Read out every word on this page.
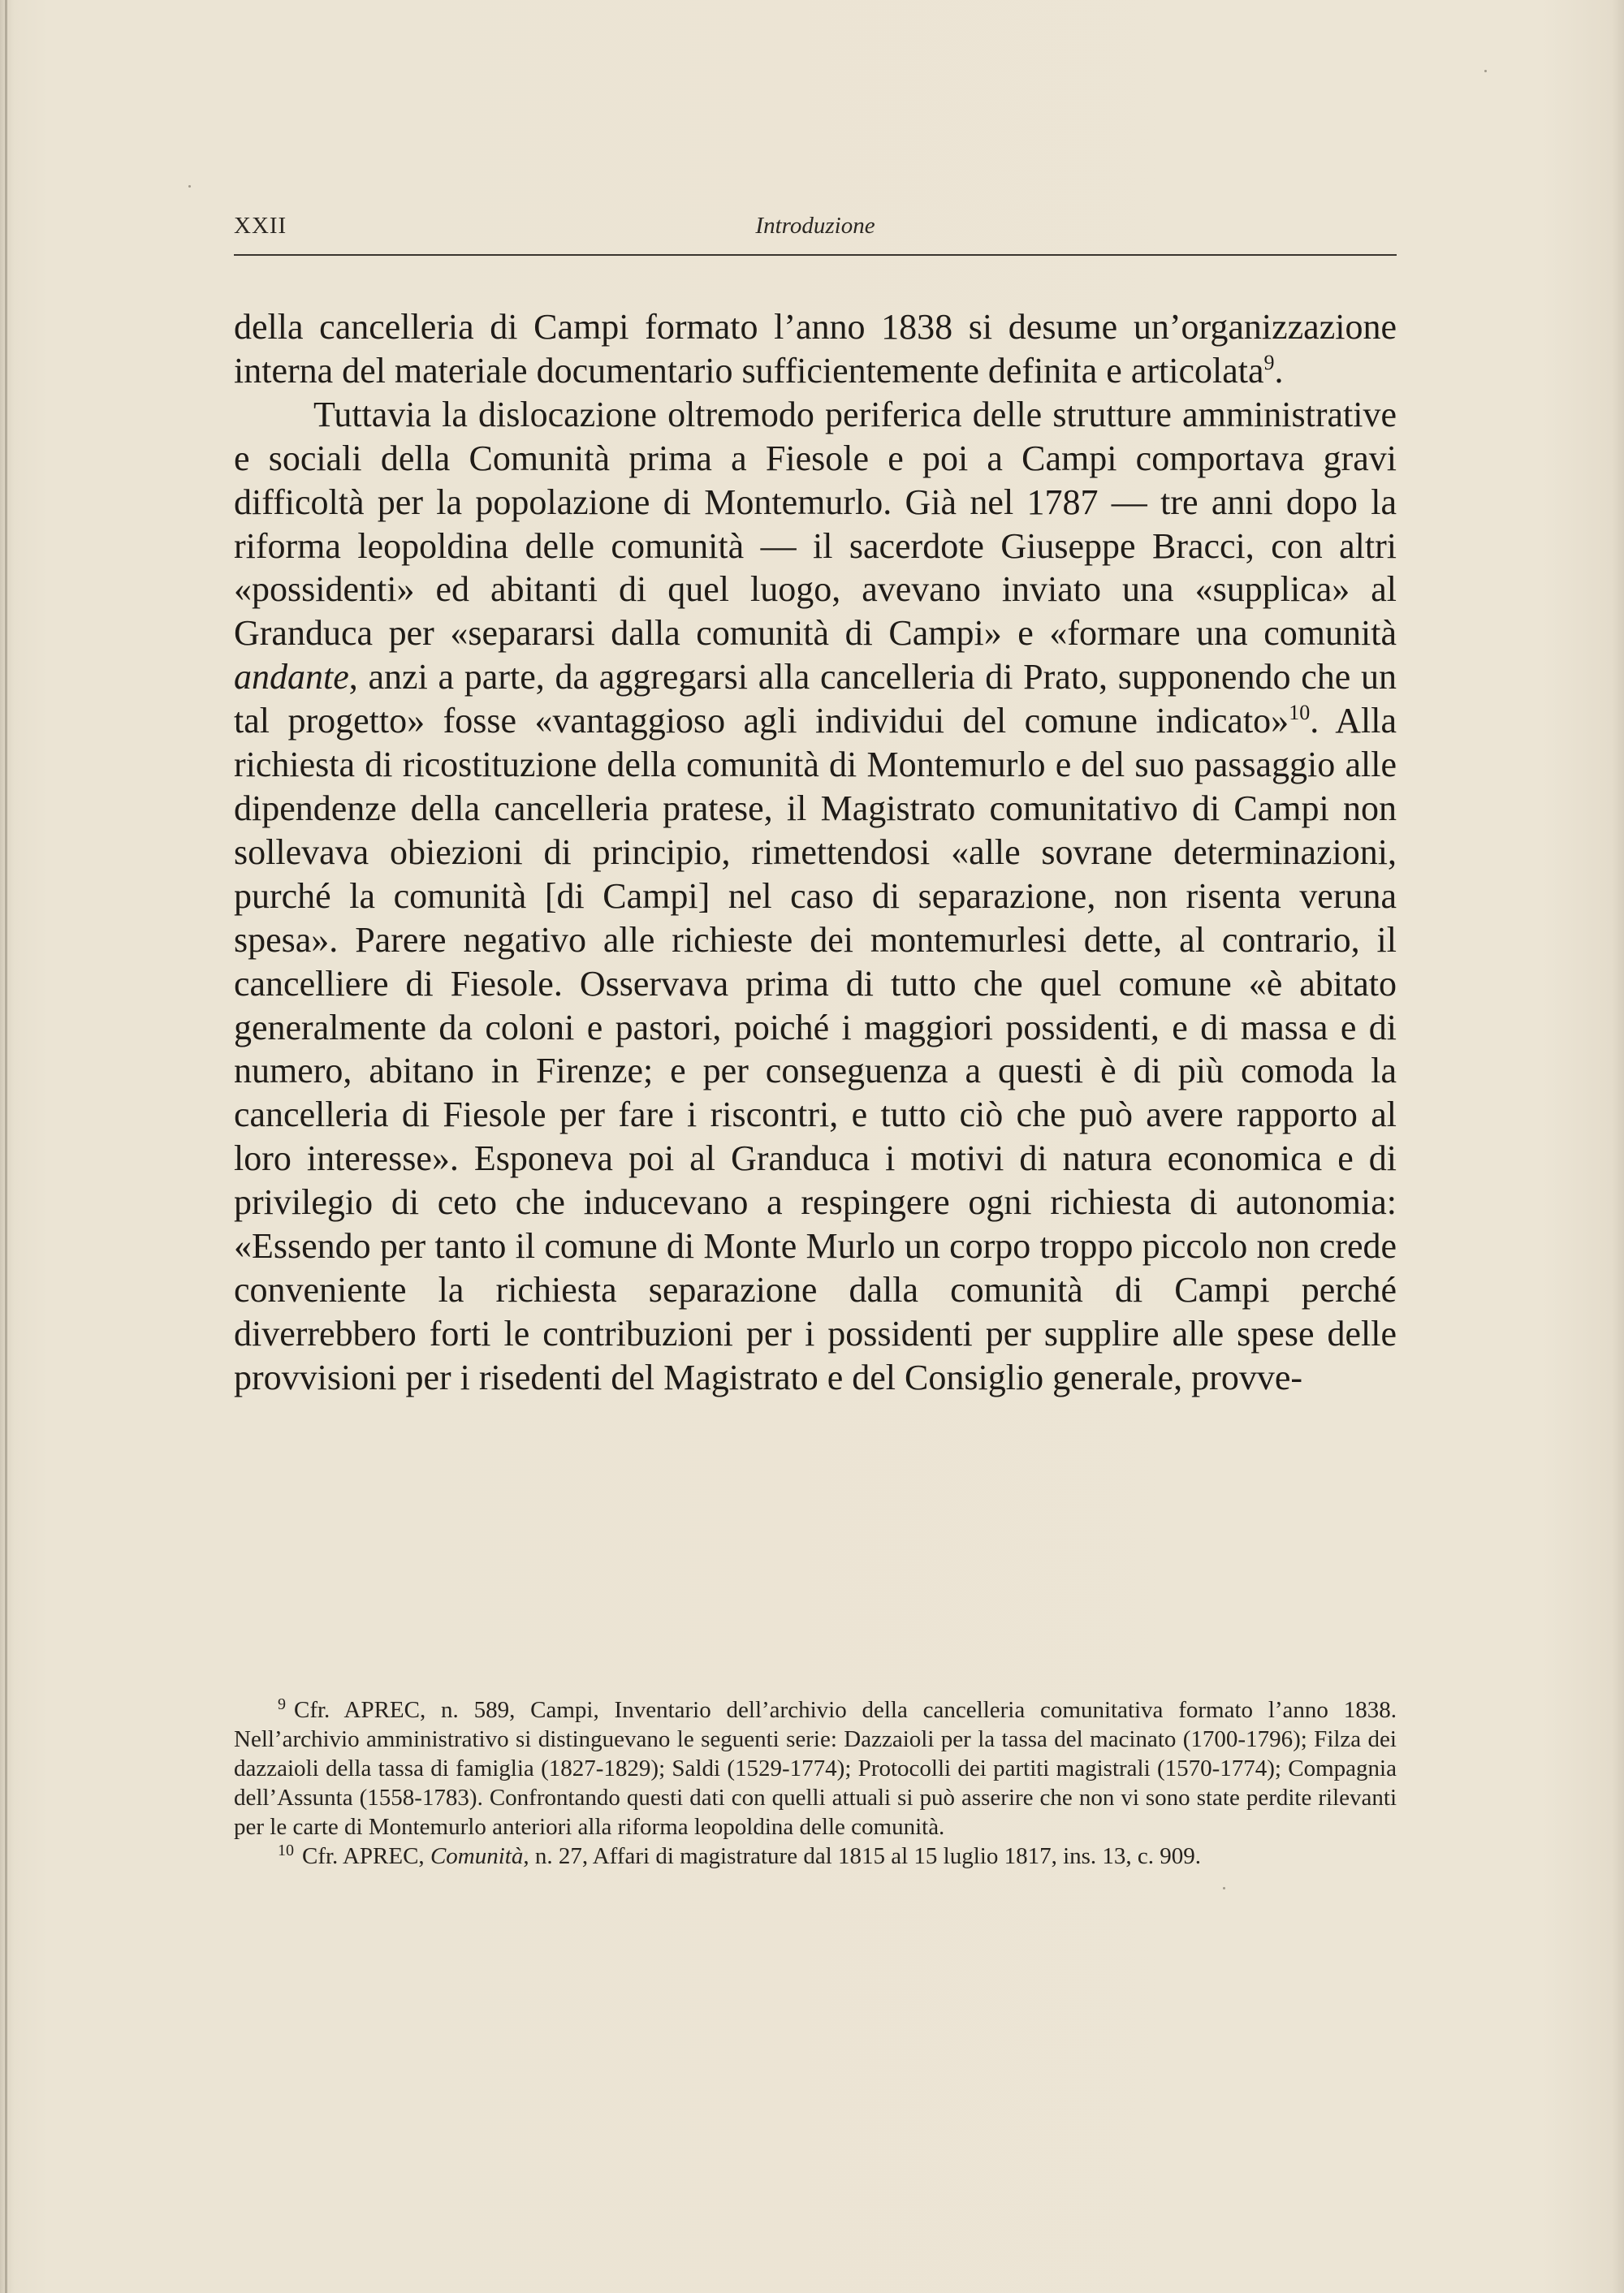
XXII	Introduzione

della cancelleria di Campi formato l’anno 1838 si desume un’organizzazione interna del materiale documentario sufficientemente definita e articolata$^9$.

Tuttavia la dislocazione oltremodo periferica delle strutture amministrative e sociali della Comunità prima a Fiesole e poi a Campi comportava gravi difficoltà per la popolazione di Montemurlo. Già nel 1787 — tre anni dopo la riforma leopoldina delle comunità — il sacerdote Giuseppe Bracci, con altri «possidenti» ed abitanti di quel luogo, avevano inviato una «supplica» al Granduca per «separarsi dalla comunità di Campi» e «formare una comunità andante, anzi a parte, da aggregarsi alla cancelleria di Prato, supponendo che un tal progetto» fosse «vantaggioso agli individui del comune indicato»$^{10}$. Alla richiesta di ricostituzione della comunità di Montemurlo e del suo passaggio alle dipendenze della cancelleria pratese, il Magistrato comunitativo di Campi non sollevava obiezioni di principio, rimettendosi «alle sovrane determinazioni, purché la comunità [di Campi] nel caso di separazione, non risenta veruna spesa». Parere negativo alle richieste dei montemurlesi dette, al contrario, il cancelliere di Fiesole. Osservava prima di tutto che quel comune «è abitato generalmente da coloni e pastori, poiché i maggiori possidenti, e di massa e di numero, abitano in Firenze; e per conseguenza a questi è di più comoda la cancelleria di Fiesole per fare i riscontri, e tutto ciò che può avere rapporto al loro interesse». Esponeva poi al Granduca i motivi di natura economica e di privilegio di ceto che inducevano a respingere ogni richiesta di autonomia: «Essendo per tanto il comune di Monte Murlo un corpo troppo piccolo non crede conveniente la richiesta separazione dalla comunità di Campi perché diverrebbero forti le contribuzioni per i possidenti per supplire alle spese delle provvisioni per i risedenti del Magistrato e del Consiglio generale, provve-

$^9$ Cfr. APREC, n. 589, Campi, Inventario dell’archivio della cancelleria comunitativa formato l’anno 1838. Nell’archivio amministrativo si distinguevano le seguenti serie: Dazzaioli per la tassa del macinato (1700-1796); Filza dei dazzaioli della tassa di famiglia (1827-1829); Saldi (1529-1774); Protocolli dei partiti magistrali (1570-1774); Compagnia dell’Assunta (1558-1783). Confrontando questi dati con quelli attuali si può asserire che non vi sono state perdite rilevanti per le carte di Montemurlo anteriori alla riforma leopoldina delle comunità.

$^{10}$ Cfr. APREC, Comunità, n. 27, Affari di magistrature dal 1815 al 15 luglio 1817, ins. 13, c. 909.
